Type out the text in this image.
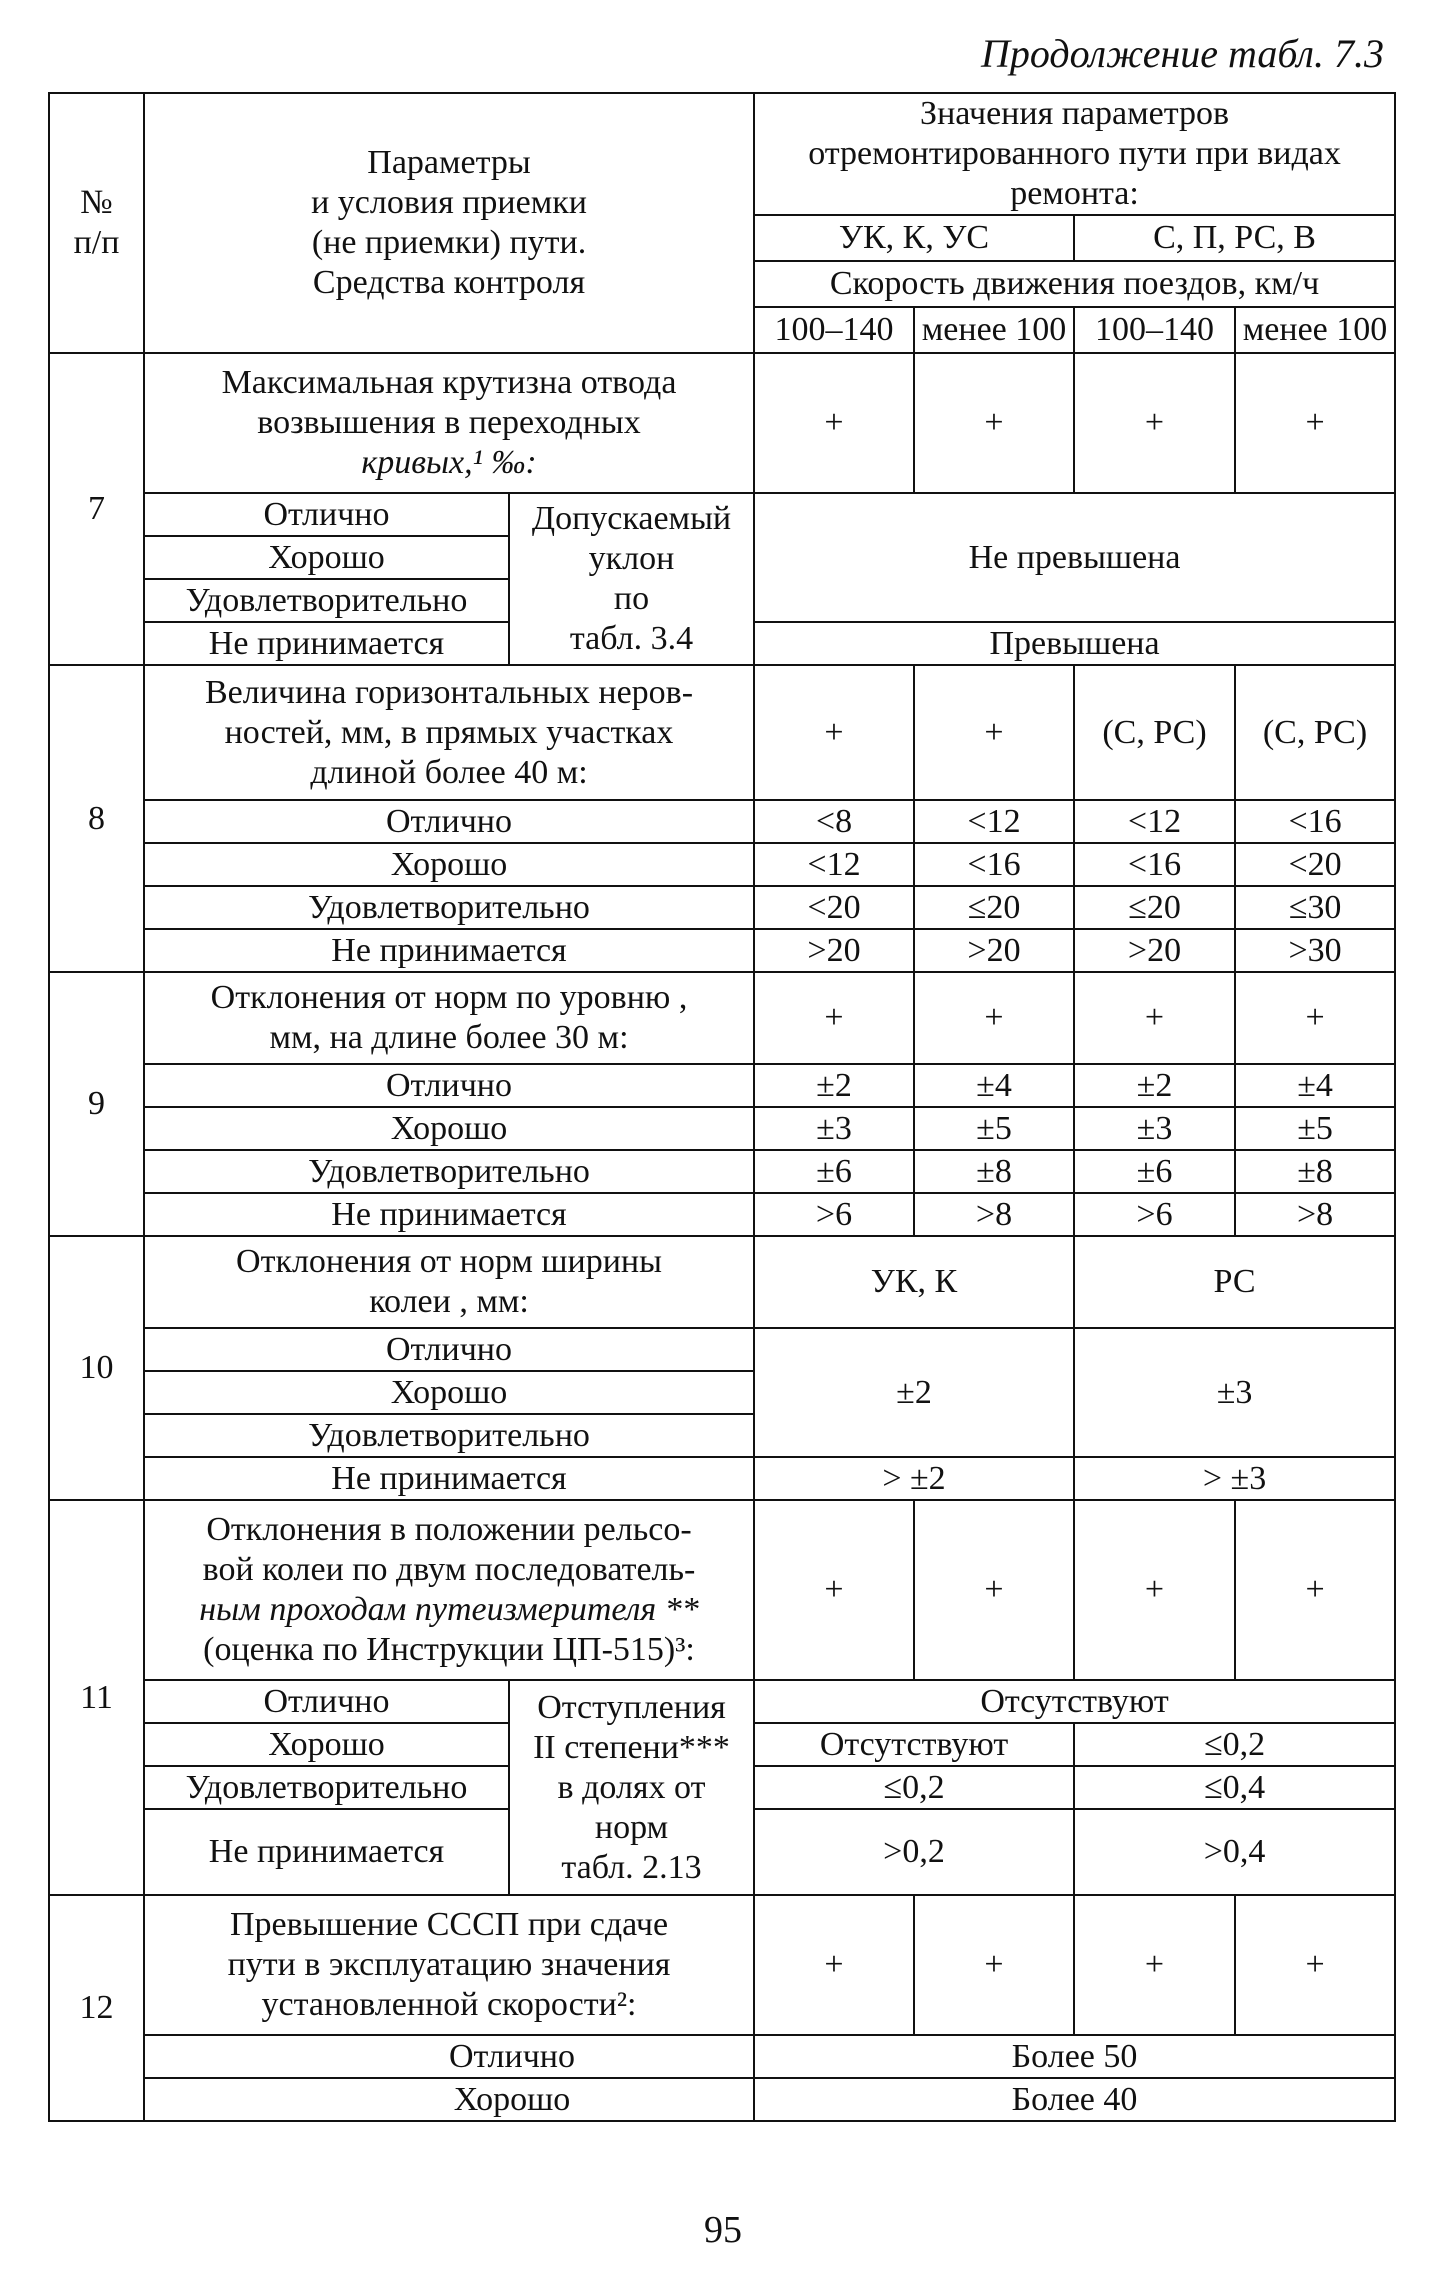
Продолжение табл. 7.3
№
п/п	Параметры
и условия приемки
(не приемки) пути.
Средства контроля		Значения параметров
отремонтированного пути при видах
ремонта:			
			УК, К, УС		С, П, РС, В	
			Скорость движения поездов, км/ч			
			100–140	менее 100	100–140	менее 100
7	Максимальная крутизна отвода
возвышения в переходных
кривых,¹ ‰:		+	+	+	+
	Отлично	Допускаемый
уклон
по
табл. 3.4	Не превышена			
	Хорошо					
	Удовлетворительно					
	Не принимается		Превышена			
8	Величина горизонтальных неров-
ностей, мм, в прямых участках
длиной более 40 м:		+	+	(С, РС)	(С, РС)
	Отлично		<8	<12	<12	<16
	Хорошо		<12	<16	<16	<20
	Удовлетворительно		<20	≤20	≤20	≤30
	Не принимается		>20	>20	>20	>30
9	Отклонения от норм по уровню ,
мм, на длине более 30 м:		+	+	+	+
	Отлично		±2	±4	±2	±4
	Хорошо		±3	±5	±3	±5
	Удовлетворительно		±6	±8	±6	±8
	Не принимается		>6	>8	>6	>8
10	Отклонения от норм ширины
колеи , мм:		УК, К		РС	
	Отлично		±2		±3	
	Хорошо					
	Удовлетворительно					
	Не принимается		> ±2		> ±3	
11	Отклонения в положении рельсо-
вой колеи по двум последователь-
ным проходам путеизмерителя **
(оценка по Инструкции ЦП-515)³:		+	+	+	+
	Отлично	Отступления
II степени***
в долях от
норм
табл. 2.13	Отсутствуют			
	Хорошо		Отсутствуют		≤0,2	
	Удовлетворительно		≤0,2		≤0,4	
	Не принимается		>0,2		>0,4	
12	Превышение СССП при сдаче
пути в эксплуатацию значения
установленной скорости²:		+	+	+	+
	Отлично		Более 50			
	Хорошо		Более 40			
95
